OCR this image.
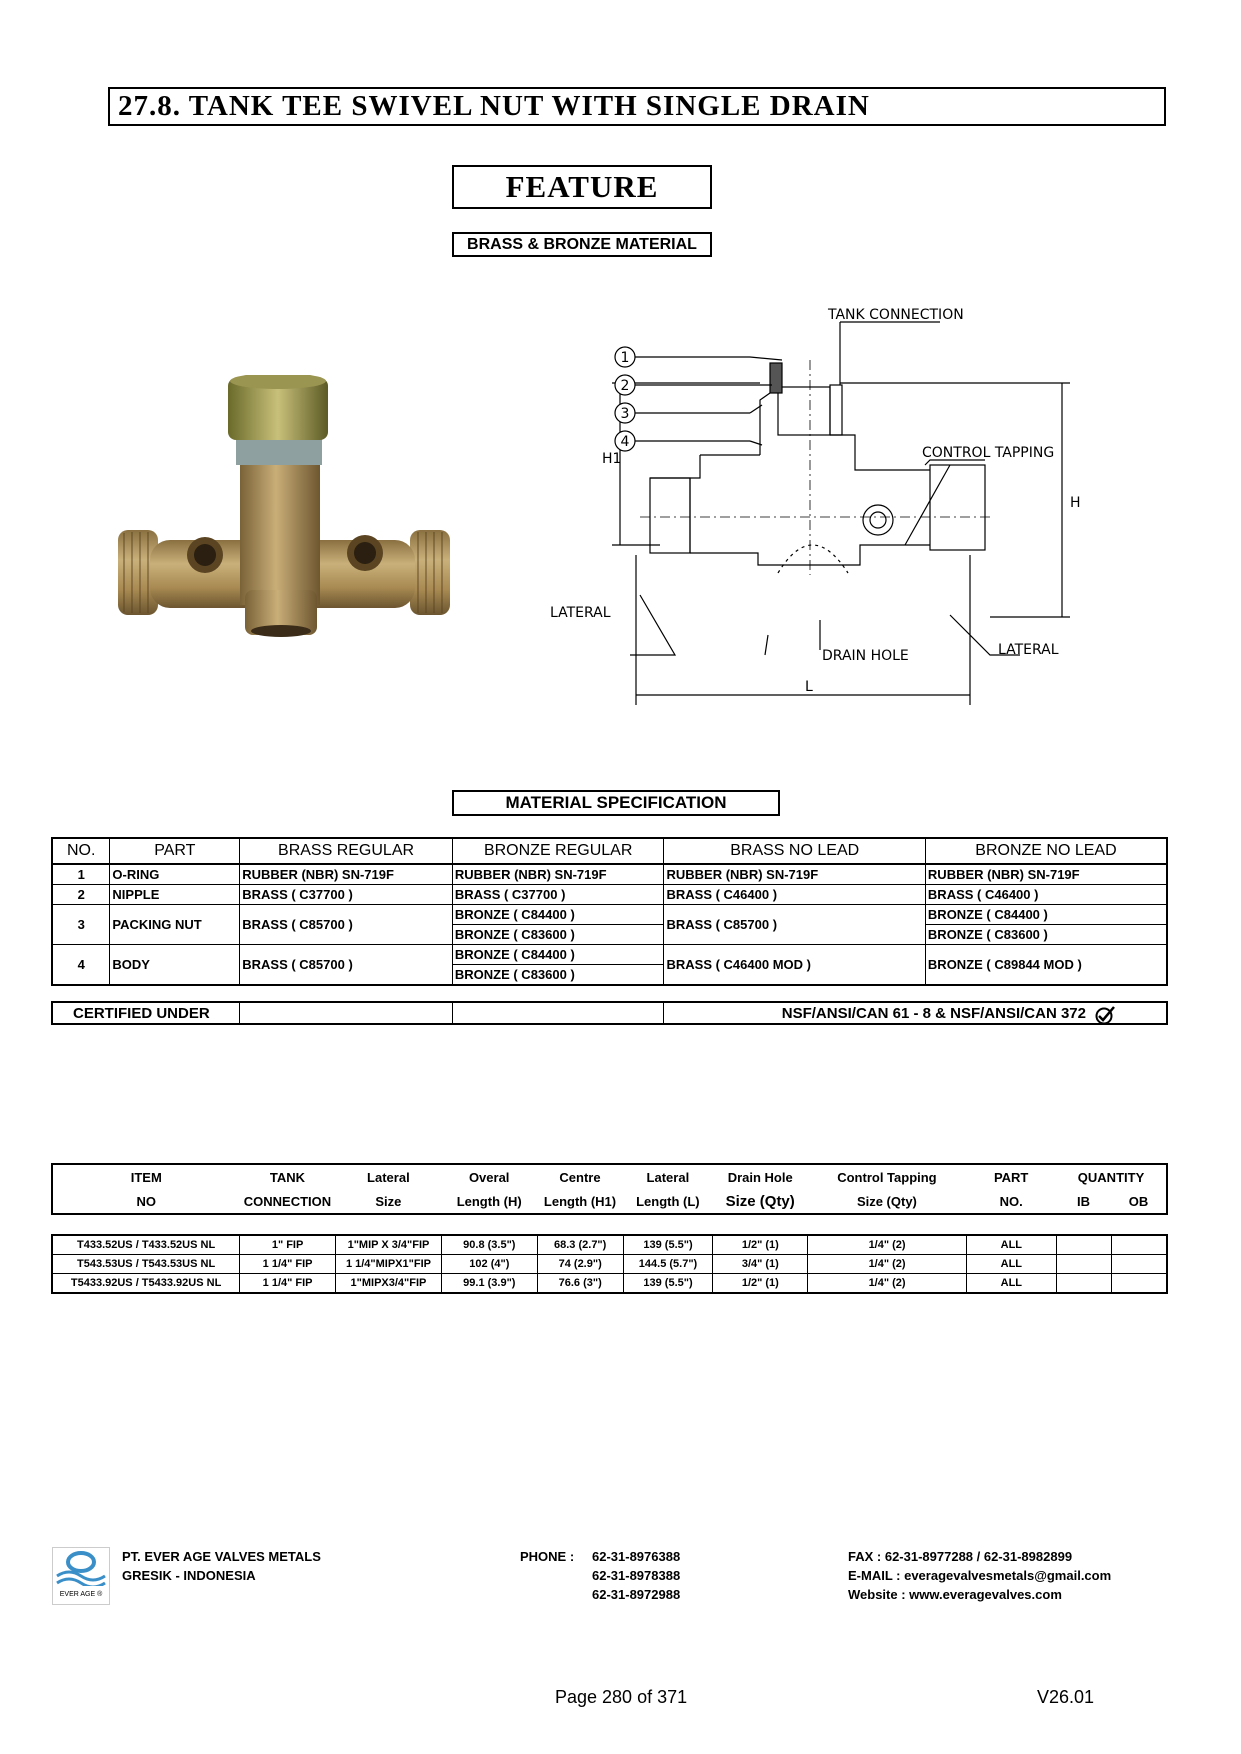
27.8. TANK TEE SWIVEL NUT WITH SINGLE DRAIN
FEATURE
BRASS & BRONZE MATERIAL
1
2
3
4
TANK CONNECTION
CONTROL TAPPING
H
H1
LATERAL
LATERAL
DRAIN HOLE
L
MATERIAL SPECIFICATION
NO.	PART	BRASS REGULAR	BRONZE REGULAR	BRASS NO LEAD	BRONZE NO LEAD
1	O-RING	RUBBER (NBR) SN-719F	RUBBER (NBR) SN-719F	RUBBER (NBR) SN-719F	RUBBER (NBR) SN-719F
2	NIPPLE	BRASS ( C37700 )	BRASS ( C37700 )	BRASS ( C46400 )	BRASS ( C46400 )
3	PACKING NUT	BRASS ( C85700 )	BRONZE ( C84400 )	BRASS ( C85700 )	BRONZE ( C84400 )
			BRONZE ( C83600 )		BRONZE ( C83600 )
4	BODY	BRASS ( C85700 )	BRONZE ( C84400 )	BRASS ( C46400 MOD )	BRONZE ( C89844 MOD )
			BRONZE ( C83600 )		
CERTIFIED UNDER			NSF/ANSI/CAN 61 - 8 & NSF/ANSI/CAN 372
ITEM	TANK	Lateral	Overal	Centre	Lateral	Drain Hole	Control Tapping	PART	QUANTITY	
NO	CONNECTION	Size	Length (H)	Length (H1)	Length (L)	Size (Qty)	Size (Qty)	NO.	IB	OB
T433.52US / T433.52US NL	1" FIP	1"MIP X 3/4"FIP	90.8 (3.5")	68.3 (2.7")	139 (5.5")	1/2" (1)	1/4" (2)	ALL		
T543.53US / T543.53US NL	1 1/4" FIP	1 1/4"MIPX1"FIP	102 (4")	74 (2.9")	144.5 (5.7")	3/4" (1)	1/4" (2)	ALL		
T5433.92US / T5433.92US NL	1 1/4" FIP	1"MIPX3/4"FIP	99.1 (3.9")	76.6 (3")	139 (5.5")	1/2" (1)	1/4" (2)	ALL		
EVER AGE ®
PT. EVER AGE VALVES METALS
GRESIK - INDONESIA
PHONE : 62-31-8976388
62-31-8978388
62-31-8972988
FAX : 62-31-8977288 / 62-31-8982899
E-MAIL : everagevalvesmetals@gmail.com
Website : www.everagevalves.com
Page 280 of 371	V26.01
